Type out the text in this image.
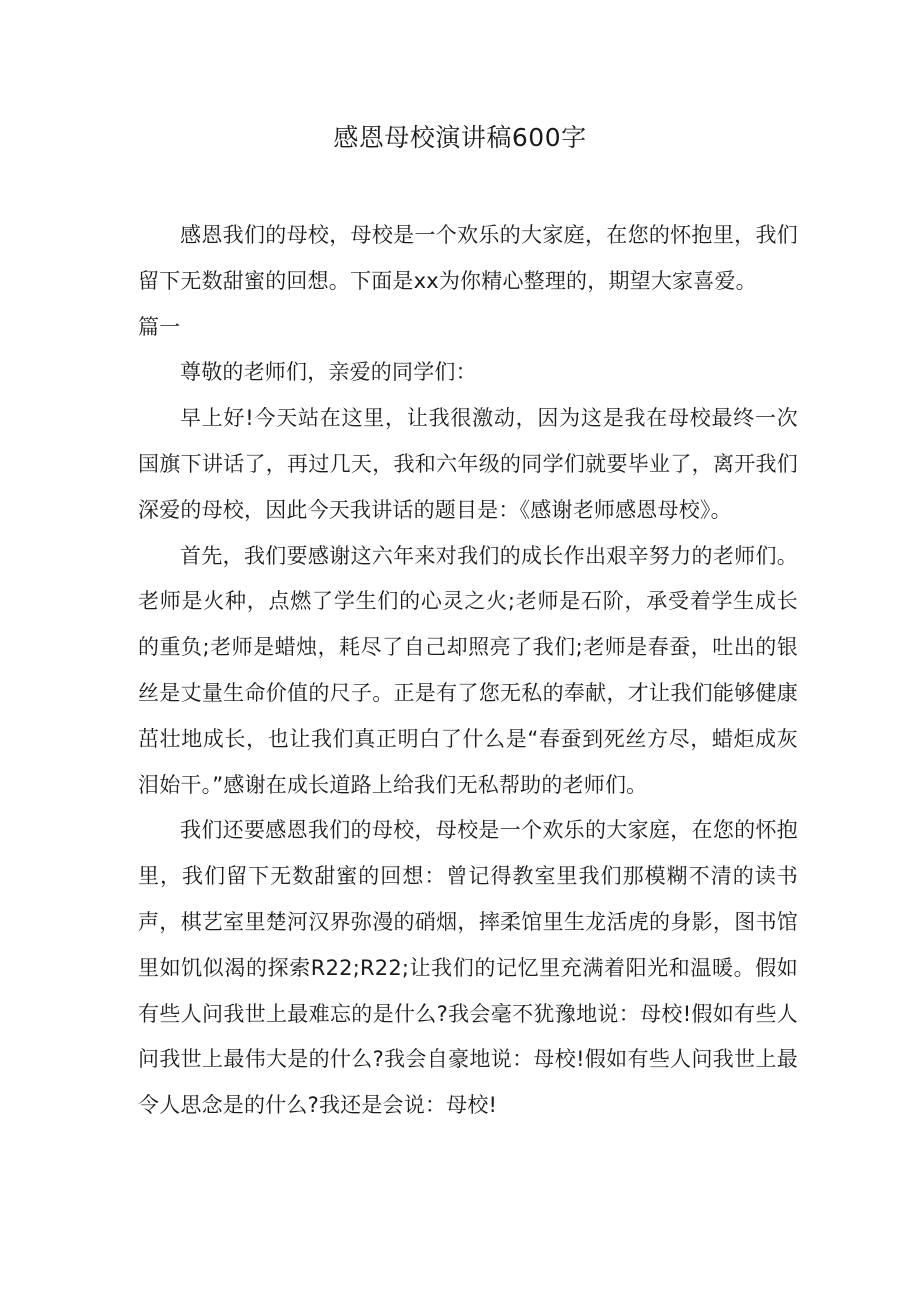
感恩母校演讲稿600字

感恩我们的母校，母校是一个欢乐的大家庭，在您的怀抱里，我们留下无数甜蜜的回想。下面是xx为你精心整理的，期望大家喜爱。

篇一

尊敬的老师们，亲爱的同学们：

早上好!今天站在这里，让我很激动，因为这是我在母校最终一次国旗下讲话了，再过几天，我和六年级的同学们就要毕业了，离开我们深爱的母校，因此今天我讲话的题目是：《感谢老师感恩母校》。

首先，我们要感谢这六年来对我们的成长作出艰辛努力的老师们。老师是火种，点燃了学生们的心灵之火;老师是石阶，承受着学生成长的重负;老师是蜡烛，耗尽了自己却照亮了我们;老师是春蚕，吐出的银丝是丈量生命价值的尺子。正是有了您无私的奉献，才让我们能够健康茁壮地成长，也让我们真正明白了什么是“春蚕到死丝方尽，蜡炬成灰泪始干。”感谢在成长道路上给我们无私帮助的老师们。

我们还要感恩我们的母校，母校是一个欢乐的大家庭，在您的怀抱里，我们留下无数甜蜜的回想：曾记得教室里我们那模糊不清的读书声，棋艺室里楚河汉界弥漫的硝烟，摔柔馆里生龙活虎的身影，图书馆里如饥似渴的探索R22;R22;让我们的记忆里充满着阳光和温暖。假如有些人问我世上最难忘的是什么?我会毫不犹豫地说：母校!假如有些人问我世上最伟大是的什么?我会自豪地说：母校!假如有些人问我世上最令人思念是的什么?我还是会说：母校!
